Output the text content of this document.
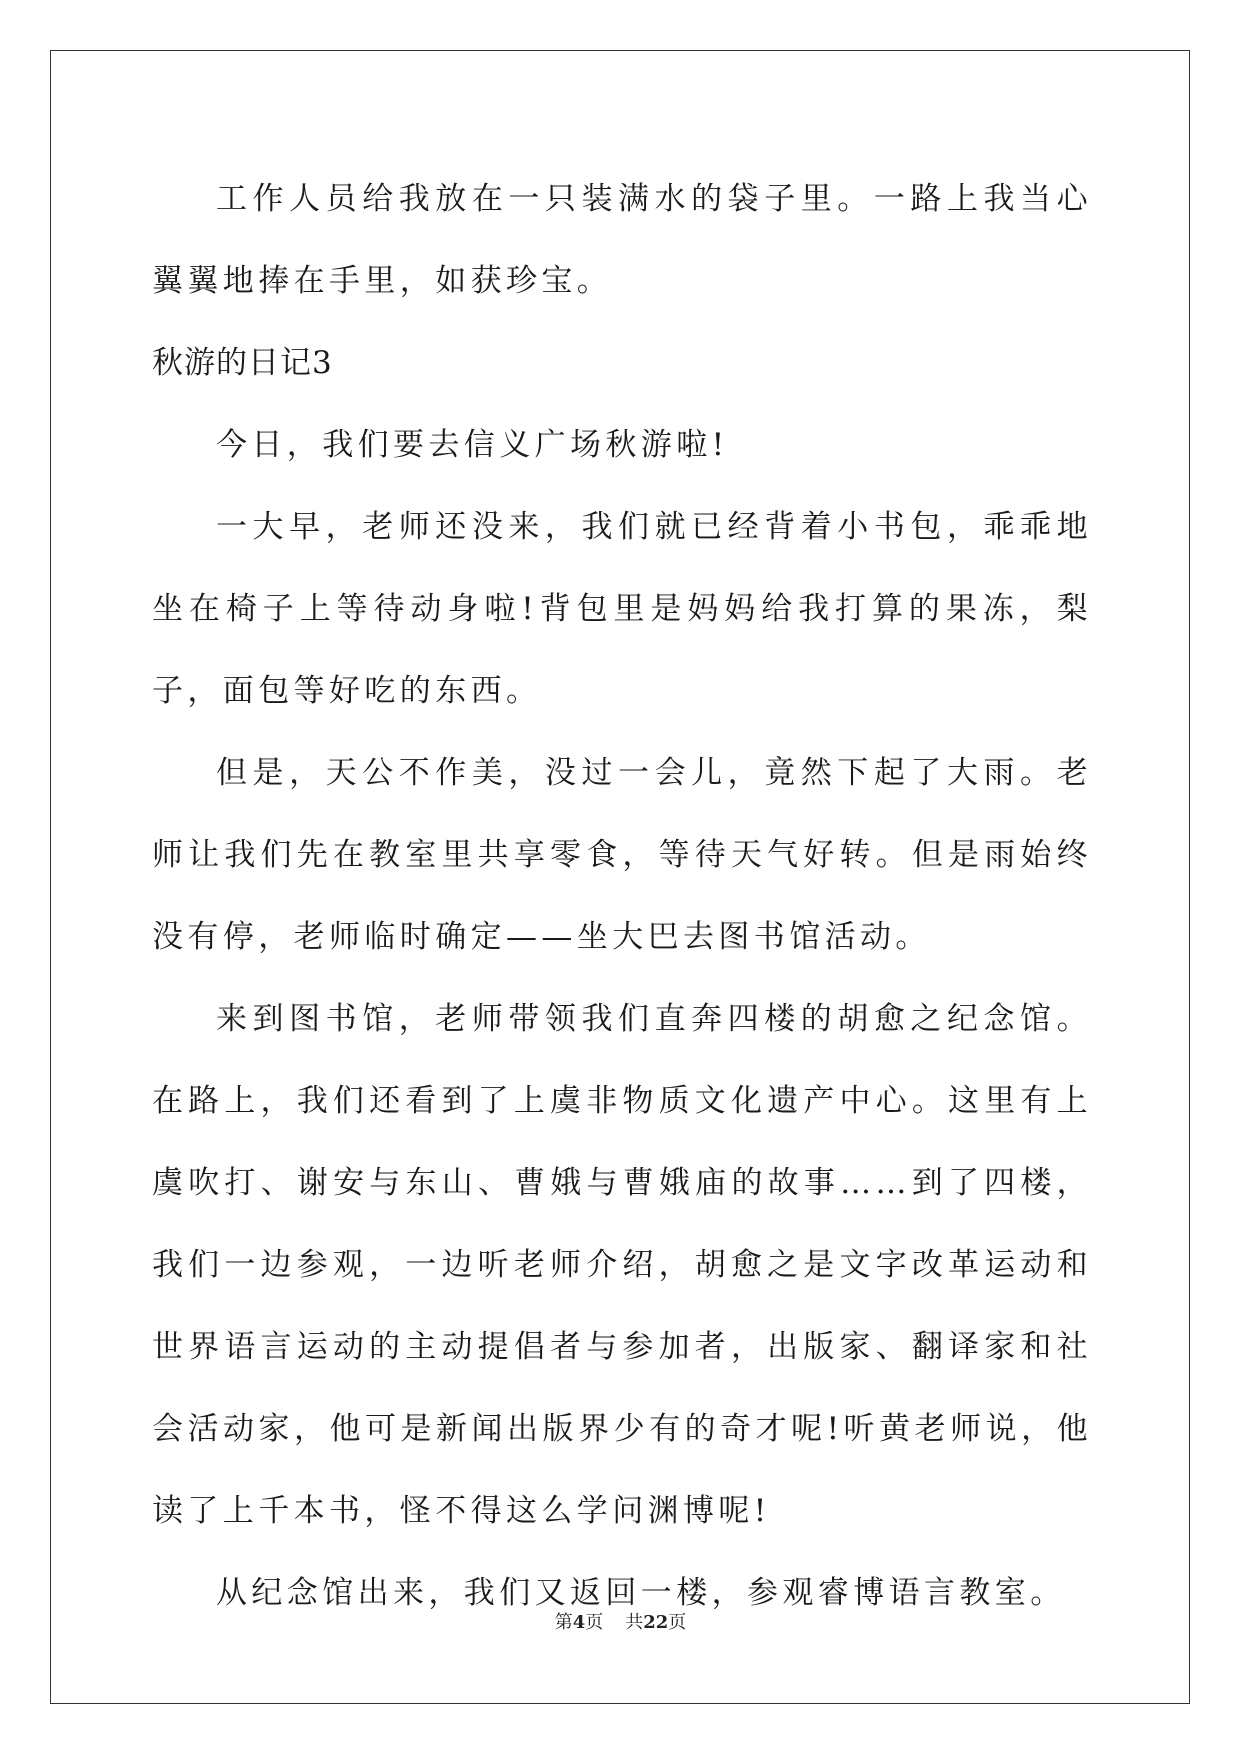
工作人员给我放在一只装满水的袋子里。一路上我当心翼翼地捧在手里，如获珍宝。

秋游的日记3

今日，我们要去信义广场秋游啦!

一大早，老师还没来，我们就已经背着小书包，乖乖地坐在椅子上等待动身啦!背包里是妈妈给我打算的果冻，梨子，面包等好吃的东西。

但是，天公不作美，没过一会儿，竟然下起了大雨。老师让我们先在教室里共享零食，等待天气好转。但是雨始终没有停，老师临时确定——坐大巴去图书馆活动。

来到图书馆，老师带领我们直奔四楼的胡愈之纪念馆。在路上，我们还看到了上虞非物质文化遗产中心。这里有上虞吹打、谢安与东山、曹娥与曹娥庙的故事……到了四楼，我们一边参观，一边听老师介绍，胡愈之是文字改革运动和世界语言运动的主动提倡者与参加者，出版家、翻译家和社会活动家，他可是新闻出版界少有的奇才呢!听黄老师说，他读了上千本书，怪不得这么学问渊博呢!

从纪念馆出来，我们又返回一楼，参观睿博语言教室。

第4页 共22页
